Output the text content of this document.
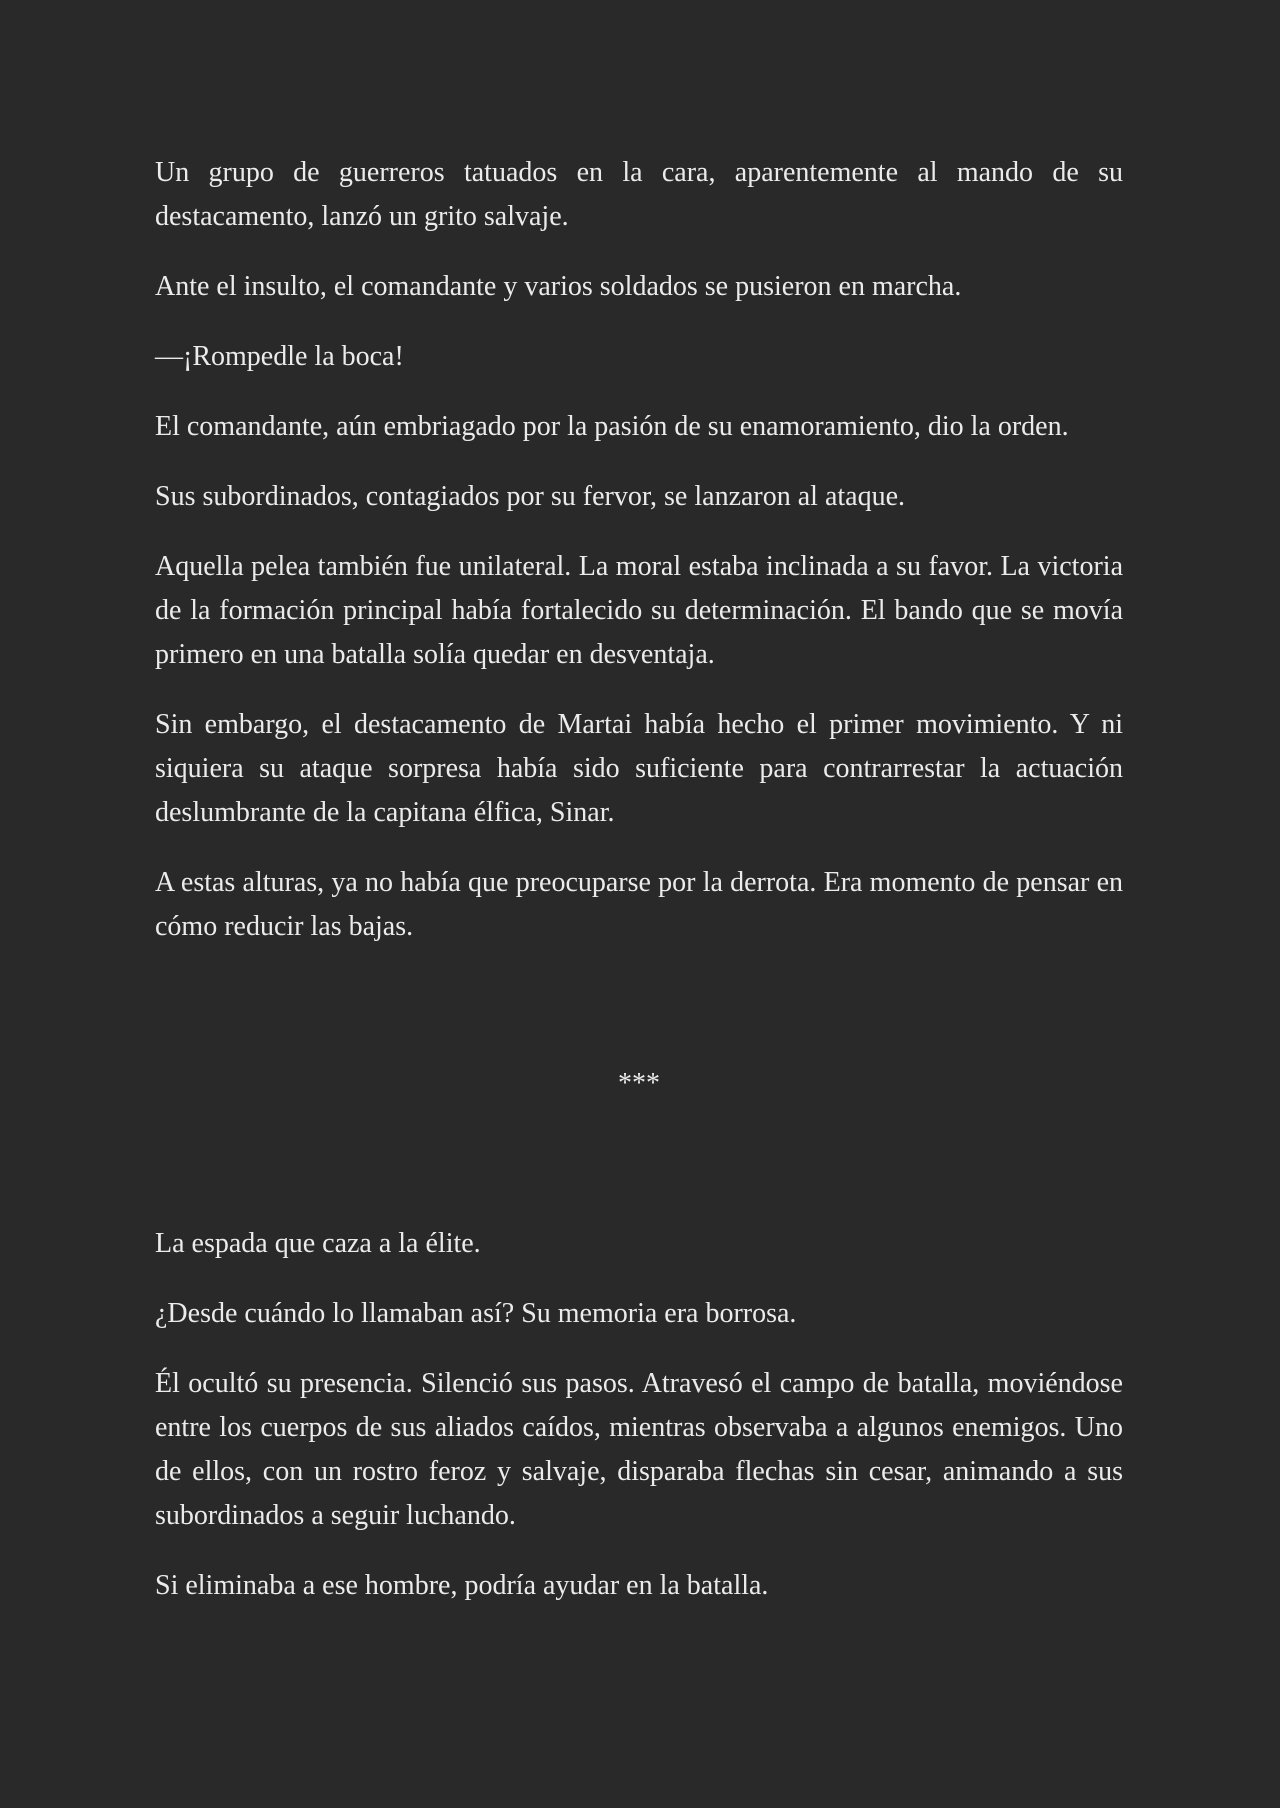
Un grupo de guerreros tatuados en la cara, aparentemente al mando de su destacamento, lanzó un grito salvaje.

Ante el insulto, el comandante y varios soldados se pusieron en marcha.

—¡Rompedle la boca!

El comandante, aún embriagado por la pasión de su enamoramiento, dio la orden.

Sus subordinados, contagiados por su fervor, se lanzaron al ataque.

Aquella pelea también fue unilateral. La moral estaba inclinada a su favor. La victoria de la formación principal había fortalecido su determinación. El bando que se movía primero en una batalla solía quedar en desventaja.

Sin embargo, el destacamento de Martai había hecho el primer movimiento. Y ni siquiera su ataque sorpresa había sido suficiente para contrarrestar la actuación deslumbrante de la capitana élfica, Sinar.

A estas alturas, ya no había que preocuparse por la derrota. Era momento de pensar en cómo reducir las bajas.

***

La espada que caza a la élite.

¿Desde cuándo lo llamaban así? Su memoria era borrosa.

Él ocultó su presencia. Silenció sus pasos. Atravesó el campo de batalla, moviéndose entre los cuerpos de sus aliados caídos, mientras observaba a algunos enemigos. Uno de ellos, con un rostro feroz y salvaje, disparaba flechas sin cesar, animando a sus subordinados a seguir luchando.

Si eliminaba a ese hombre, podría ayudar en la batalla.
